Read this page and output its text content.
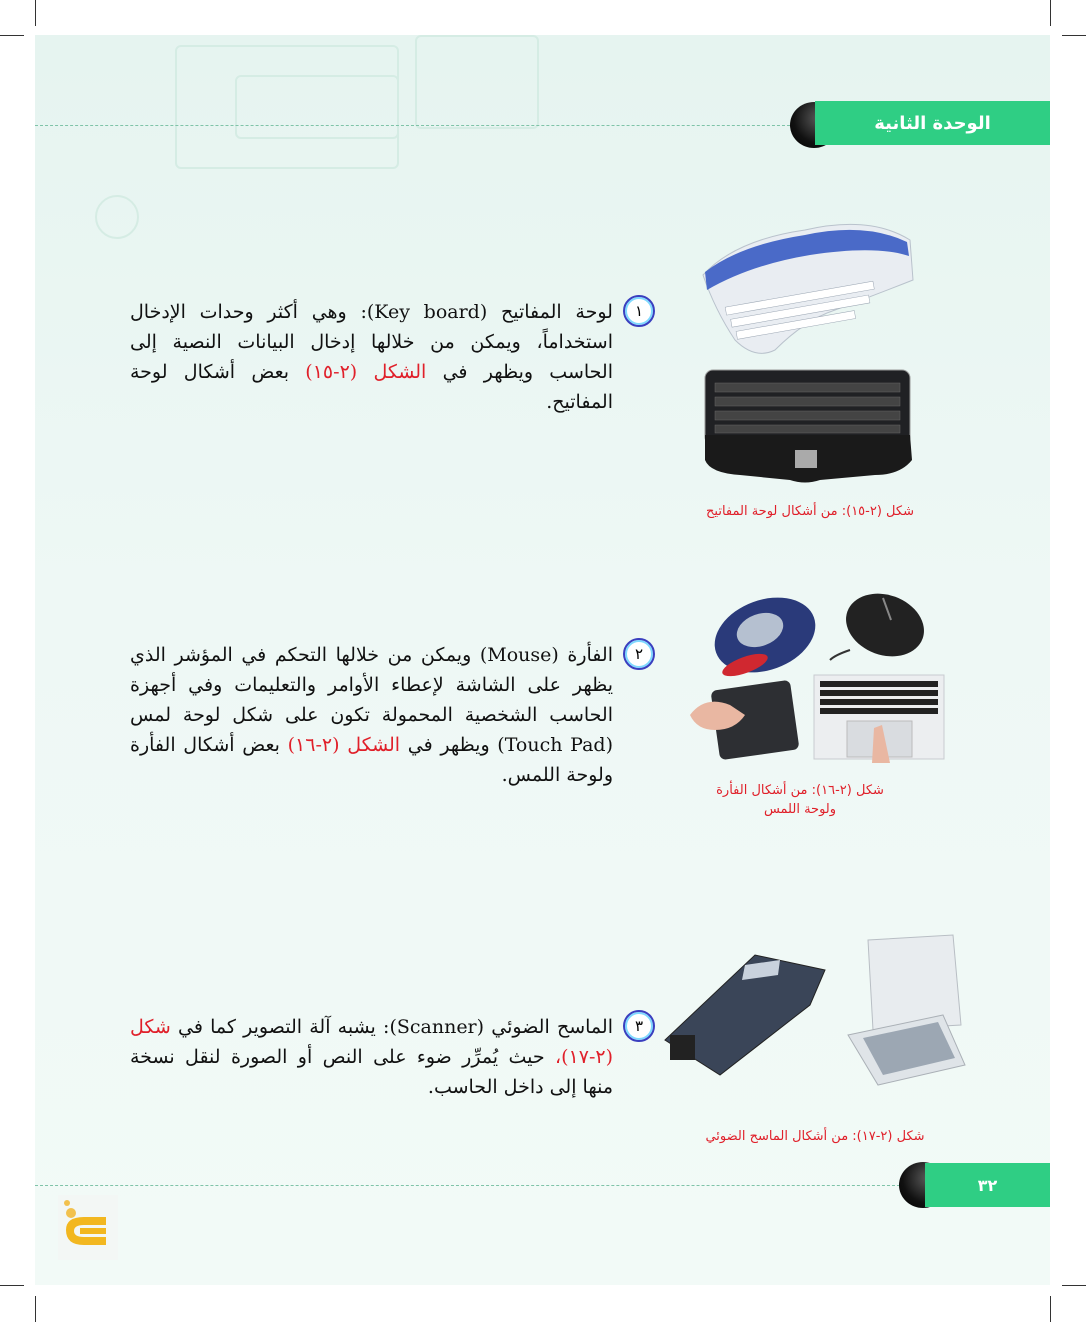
الوحدة الثانية
١
لوحة المفاتيح (Key board): وهي أكثر وحدات الإدخال
استخداماً، ويمكن من خلالها إدخال البيانات النصية إلى
الحاسب ويظهر في الشكل (٢-١٥) بعض أشكال لوحة
المفاتيح.
شكل (٢-١٥): من أشكال لوحة المفاتيح
٢
الفأرة (Mouse) ويمكن من خلالها التحكم في المؤشر الذي
يظهر على الشاشة لإعطاء الأوامر والتعليمات وفي أجهزة
الحاسب الشخصية المحمولة تكون على شكل لوحة لمس
(Touch Pad) ويظهر في الشكل (٢-١٦) بعض أشكال الفأرة
ولوحة اللمس.
شكل (٢-١٦): من أشكال الفأرة
ولوحة اللمس
٣
الماسح الضوئي (Scanner): يشبه آلة التصوير كما في شكل
(٢-١٧)، حيث يُمرِّر ضوء على النص أو الصورة لنقل نسخة
منها إلى داخل الحاسب.
شكل (٢-١٧): من أشكال الماسح الضوئي
٣٢
